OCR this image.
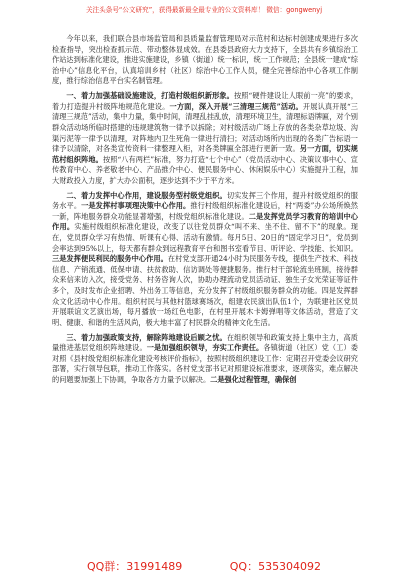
关注头条号“公文研究”，获得最新最全最专业的公文资料库！ 微信：gongwenyj

今年以来，我们联合县市场监管局和县质量监督管理局对示范村和达标村创建成果进行多次检查指导，突出检查抓示范、带动整体显成效。在县委县政府大力支持下，全县共有乡镇综治工作站达到标准化建设，推进实施建设，乡镇（街道）统一标识，统一工作规范；全县统一建成“综治中心”信息化平台，认真培训乡村（社区）综治中心工作人员，健全完善综治中心各项工作制度，推行综治信息平台实名制管理。

一、着力加强基础设施建设，打造村级组织新形象。按照“硬件建设让人眼前一亮”的要求，着力打造提升村级阵地规范化建设。一方面，深入开展“三清理三规范”活动。开展认真开展“三清理三规范”活动，集中力量，集中时间，清理乱挂乱放，清理环境卫生，清理标语牌匾，对个别群众活动场所临时搭建的违规建筑物一律予以拆除；对村级活动广场上存放的各类杂草垃圾、沟渠污泥等一律予以清理，对阵地内卫生死角一律进行清扫；对活动场所内出现的各类广告标语一律予以清除，对各类宣传资料一律整理入柜，对各类牌匾全部进行更新一致。另一方面，切实规范村组织阵地。按照“八有两栏”标准，努力打造“七个中心”（党员活动中心、决策议事中心、宣传教育中心、养老敬老中心、产品推介中心、便民服务中心、休闲娱乐中心）实施提升工程，加大财政投入力度，扩大办公面积，逐步达到不少于平方米。

二、着力发挥中心作用，建设服务型村级党组织。切实发挥三个作用，提升村级党组织的服务水平。一是发挥村事项理决策中心作用。推行村级组织标准化建设后，村“两委”办公场所焕然一新，阵地服务群众功能显著增强，村级党组织标准化建设。二是发挥党员学习教育的培训中心作用。实施村级组织标准化建设，改变了以往党员群众“叫不来、坐不住、留不下”的现象。现在，党员群众学习有热情、听课有心得、活动有激情。每月5日、20日的“固定学习日”，党员到会率达到95%以上，每天都有群众到远程教育平台和图书室看节目、听评论、学技能、长知识。三是发挥便民利民的服务中心作用。在村党支部开通24小时为民服务专线，提供生产技术、科技信息、产销流通、低保申请、扶贫救助、信访调处等便捷服务。推行村干部轮流坐班制，接待群众来信来访入次，接受党务、村务咨询人次，协助办理流动党员活动证、独生子女光荣证等证件多个，及时发布企业招聘、外出务工等信息，充分发挥了村级组织服务群众的功能。四是发挥群众文化活动中心作用。组织村民与其他村篮球赛场次，组建农民演出队伍1个，为联建社区党员开展联谊文艺演出场，每月播放一场红色电影，在村里开展木卡姆弹唱等文体活动，营造了文明、健康、和谐的生活风尚，极大地丰富了村民群众的精神文化生活。

三、着力加强政策支持，解除阵地建设后顾之忧。在组织领导和政策支持上集中主力，高质量推进基层党组织阵地建设。一是加强组织领导，夯实工作责任。各镇街道（社区）党（工）委对照《县村级党组织标准化建设考核评价指标》，按照村级组织建设工作：定期召开党委会议研究部署，实行领导包联，推动工作落实。各村党支部书记对照建设标准要求，逐项落实，难点解决的问题要加强上下协调，争取各方力量予以解决。二是强化过程管理，确保创

QQ群：31991489	QQ：535304092
